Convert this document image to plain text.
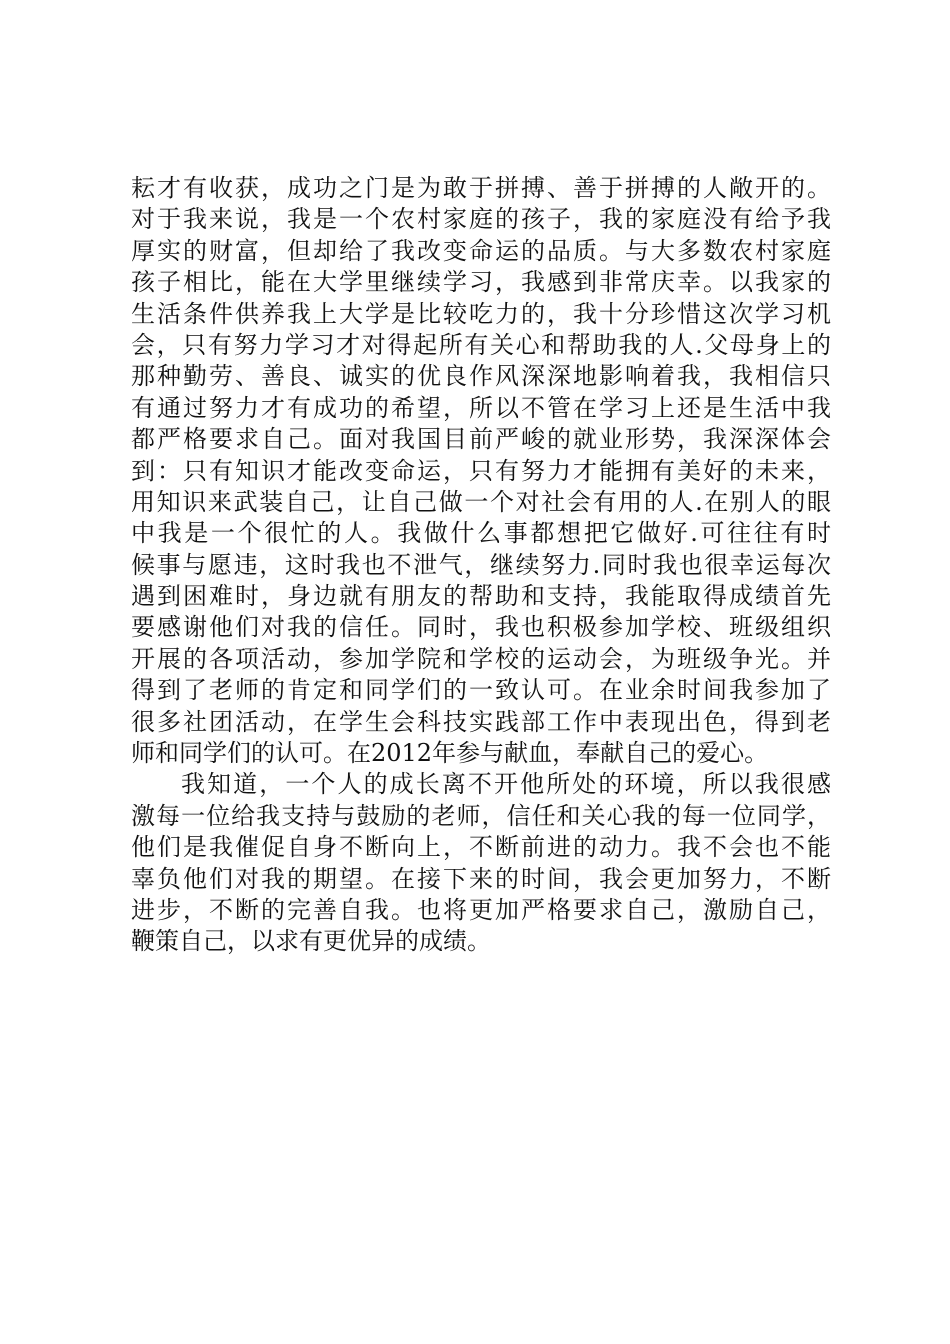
耘才有收获，成功之门是为敢于拼搏、善于拼搏的人敞开的。
对于我来说，我是一个农村家庭的孩子，我的家庭没有给予我
厚实的财富，但却给了我改变命运的品质。与大多数农村家庭
孩子相比，能在大学里继续学习，我感到非常庆幸。以我家的
生活条件供养我上大学是比较吃力的，我十分珍惜这次学习机
会，只有努力学习才对得起所有关心和帮助我的人.父母身上的
那种勤劳、善良、诚实的优良作风深深地影响着我，我相信只
有通过努力才有成功的希望，所以不管在学习上还是生活中我
都严格要求自己。面对我国目前严峻的就业形势，我深深体会
到：只有知识才能改变命运，只有努力才能拥有美好的未来，
用知识来武装自己，让自己做一个对社会有用的人.在别人的眼
中我是一个很忙的人。我做什么事都想把它做好.可往往有时
候事与愿违，这时我也不泄气，继续努力.同时我也很幸运每次
遇到困难时，身边就有朋友的帮助和支持，我能取得成绩首先
要感谢他们对我的信任。同时，我也积极参加学校、班级组织
开展的各项活动，参加学院和学校的运动会，为班级争光。并
得到了老师的肯定和同学们的一致认可。在业余时间我参加了
很多社团活动，在学生会科技实践部工作中表现出色，得到老
师和同学们的认可。在2012年参与献血，奉献自己的爱心。
我知道，一个人的成长离不开他所处的环境，所以我很感
激每一位给我支持与鼓励的老师，信任和关心我的每一位同学，
他们是我催促自身不断向上，不断前进的动力。我不会也不能
辜负他们对我的期望。在接下来的时间，我会更加努力，不断
进步，不断的完善自我。也将更加严格要求自己，激励自己，
鞭策自己，以求有更优异的成绩。
